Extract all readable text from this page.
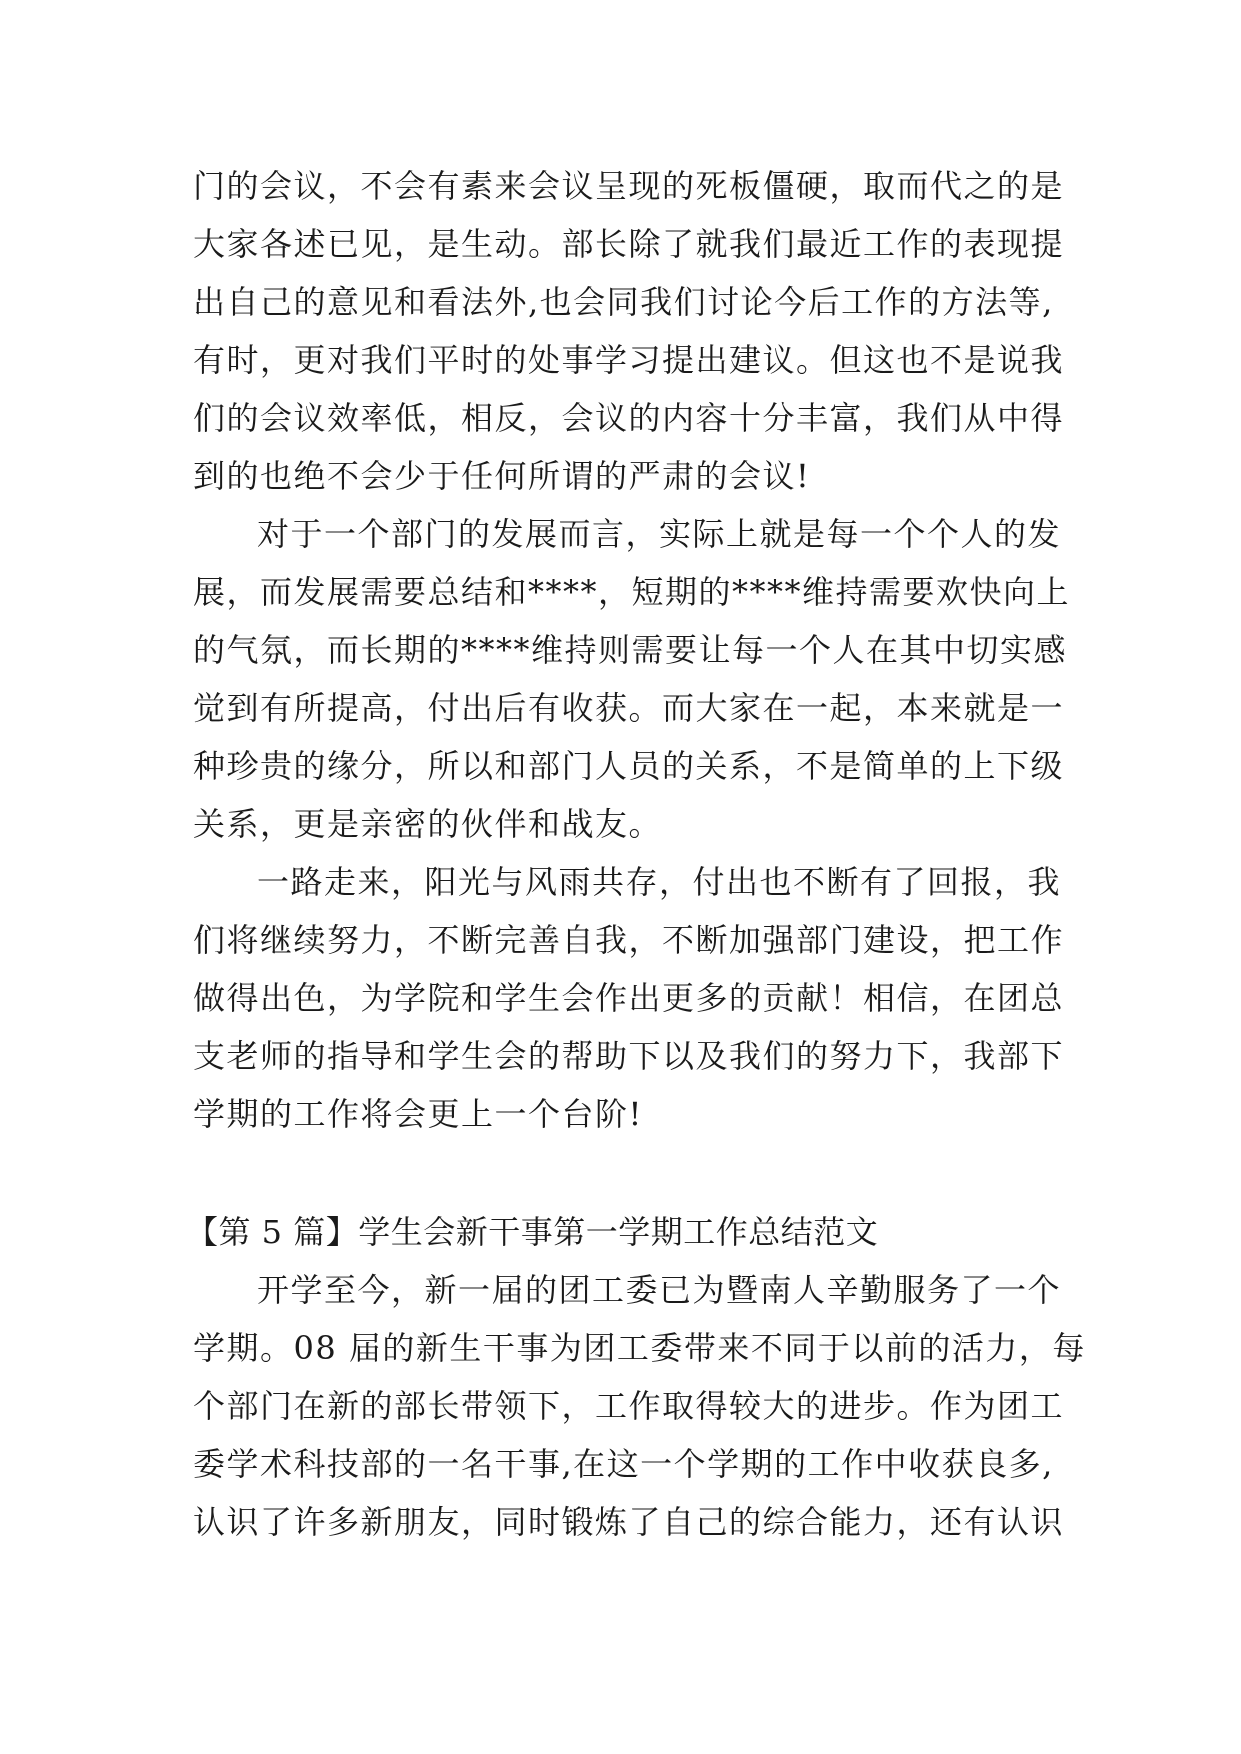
门的会议，不会有素来会议呈现的死板僵硬，取而代之的是
大家各述已见，是生动。部长除了就我们最近工作的表现提
出自己的意见和看法外,也会同我们讨论今后工作的方法等,
有时，更对我们平时的处事学习提出建议。但这也不是说我
们的会议效率低，相反，会议的内容十分丰富，我们从中得
到的也绝不会少于任何所谓的严肃的会议!
对于一个部门的发展而言，实际上就是每一个个人的发
展，而发展需要总结和****，短期的****维持需要欢快向上
的气氛，而长期的****维持则需要让每一个人在其中切实感
觉到有所提高，付出后有收获。而大家在一起，本来就是一
种珍贵的缘分，所以和部门人员的关系，不是简单的上下级
关系，更是亲密的伙伴和战友。
一路走来，阳光与风雨共存，付出也不断有了回报，我
们将继续努力，不断完善自我，不断加强部门建设，把工作
做得出色，为学院和学生会作出更多的贡献！相信，在团总
支老师的指导和学生会的帮助下以及我们的努力下，我部下
学期的工作将会更上一个台阶!
【第 5 篇】学生会新干事第一学期工作总结范文
开学至今，新一届的团工委已为暨南人辛勤服务了一个
学期。08 届的新生干事为团工委带来不同于以前的活力，每
个部门在新的部长带领下，工作取得较大的进步。作为团工
委学术科技部的一名干事,在这一个学期的工作中收获良多,
认识了许多新朋友，同时锻炼了自己的综合能力，还有认识
